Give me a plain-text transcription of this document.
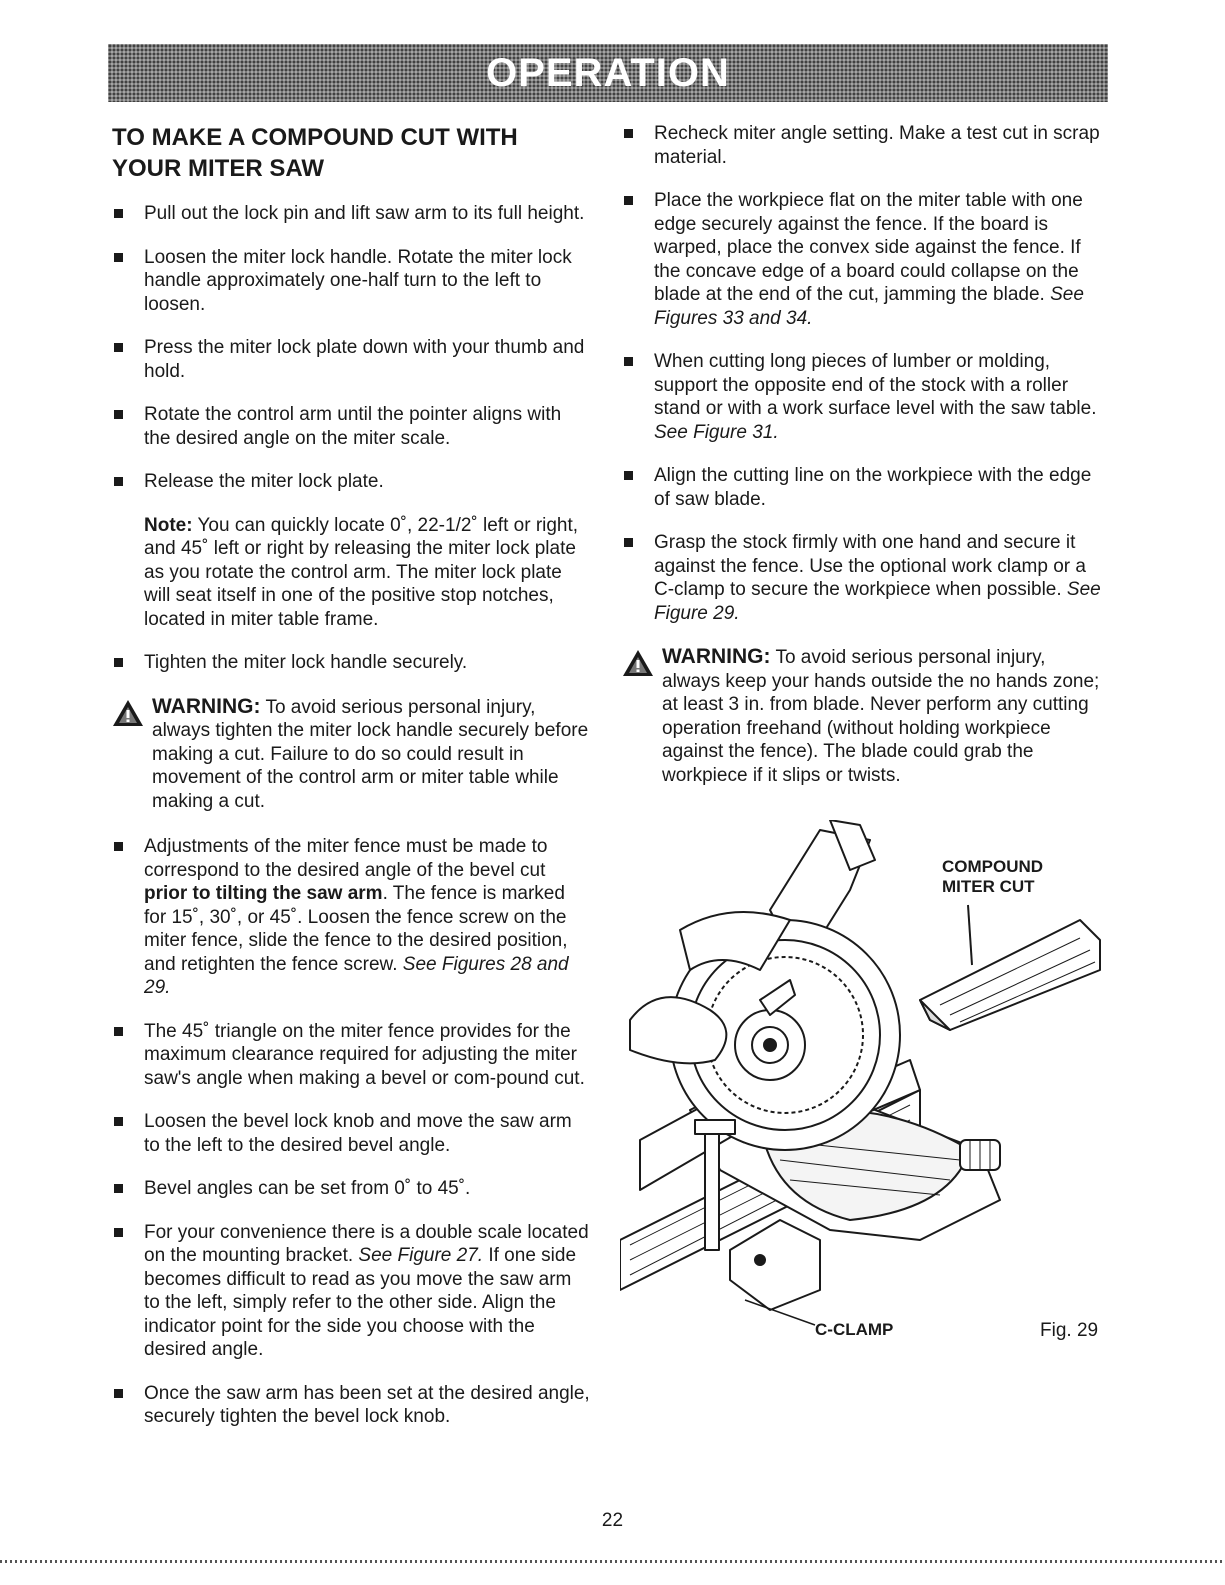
OPERATION
TO MAKE A COMPOUND CUT WITH YOUR MITER SAW
Pull out the lock pin and lift saw arm to its full height.
Loosen the miter lock handle. Rotate the miter lock handle approximately one-half turn to the left to loosen.
Press the miter lock plate down with your thumb and hold.
Rotate the control arm until the pointer aligns with the desired angle on the miter scale.
Release the miter lock plate.
Note: You can quickly locate 0˚, 22-1/2˚ left or right, and 45˚ left or right by releasing the miter lock plate as you rotate the control arm. The miter lock plate will seat itself in one of the positive stop notches, located in miter table frame.
Tighten the miter lock handle securely.
WARNING: To avoid serious personal injury, always tighten the miter lock handle securely before making a cut. Failure to do so could result in movement of the control arm or miter table while making a cut.
Adjustments of the miter fence must be made to correspond to the desired angle of the bevel cut prior to tilting the saw arm. The fence is marked for 15˚, 30˚, or 45˚. Loosen the fence screw on the miter fence, slide the fence to the desired position, and retighten the fence screw. See Figures 28 and 29.
The 45˚ triangle on the miter fence provides for the maximum clearance required for adjusting the miter saw's angle when making a bevel or com-pound cut.
Loosen the bevel lock knob and move the saw arm to the left to the desired bevel angle.
Bevel angles can be set from 0˚ to 45˚.
For your convenience there is a double scale located on the mounting bracket. See Figure 27. If one side becomes difficult to read as you move the saw arm to the left, simply refer to the other side. Align the indicator point for the side you choose with the desired angle.
Once the saw arm has been set at the desired angle, securely tighten the bevel lock knob.
Recheck miter angle setting. Make a test cut in scrap material.
Place the workpiece flat on the miter table with one edge securely against the fence. If the board is warped, place the convex side against the fence. If the concave edge of a board could collapse on the blade at the end of the cut, jamming the blade. See Figures 33 and 34.
When cutting long pieces of lumber or molding, support the opposite end of the stock with a roller stand or with a work surface level with the saw table. See Figure 31.
Align the cutting line on the workpiece with the edge of saw blade.
Grasp the stock firmly with one hand and secure it against the fence. Use the optional work clamp or a C-clamp to secure the workpiece when possible. See Figure 29.
WARNING: To avoid serious personal injury, always keep your hands outside the no hands zone; at least 3 in. from blade. Never perform any cutting operation freehand (without holding workpiece against the fence). The blade could grab the workpiece if it slips or twists.
COMPOUND
MITER CUT
C-CLAMP	Fig. 29
22
